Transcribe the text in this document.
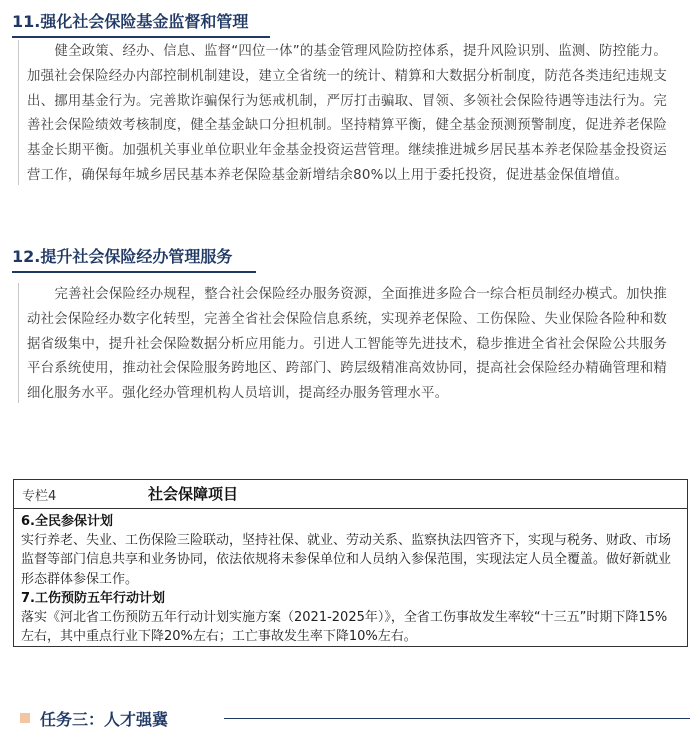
11.强化社会保险基金监督和管理

健全政策、经办、信息、监督“四位一体”的基金管理风险防控体系，提升风险识别、监测、防控能力。加强社会保险经办内部控制机制建设，建立全省统一的统计、精算和大数据分析制度，防范各类违纪违规支出、挪用基金行为。完善欺诈骗保行为惩戒机制，严厉打击骗取、冒领、多领社会保险待遇等违法行为。完善社会保险绩效考核制度，健全基金缺口分担机制。坚持精算平衡，健全基金预测预警制度，促进养老保险基金长期平衡。加强机关事业单位职业年金基金投资运营管理。继续推进城乡居民基本养老保险基金投资运营工作，确保每年城乡居民基本养老保险基金新增结余80%以上用于委托投资，促进基金保值增值。

12.提升社会保险经办管理服务

完善社会保险经办规程，整合社会保险经办服务资源，全面推进多险合一综合柜员制经办模式。加快推动社会保险经办数字化转型，完善全省社会保险信息系统，实现养老保险、工伤保险、失业保险各险种和数据省级集中，提升社会保险数据分析应用能力。引进人工智能等先进技术，稳步推进全省社会保险公共服务平台系统使用，推动社会保险服务跨地区、跨部门、跨层级精准高效协同，提高社会保险经办精确管理和精细化服务水平。强化经办管理机构人员培训，提高经办服务管理水平。

专栏4	社会保障项目
6.全民参保计划
实行养老、失业、工伤保险三险联动，坚持社保、就业、劳动关系、监察执法四管齐下，实现与税务、财政、市场监督等部门信息共享和业务协同，依法依规将未参保单位和人员纳入参保范围，实现法定人员全覆盖。做好新就业形态群体参保工作。
7.工伤预防五年行动计划
落实《河北省工伤预防五年行动计划实施方案（2021-2025年）》，全省工伤事故发生率较“十三五”时期下降15%左右，其中重点行业下降20%左右；工亡事故发生率下降10%左右。
任务三：人才强冀
